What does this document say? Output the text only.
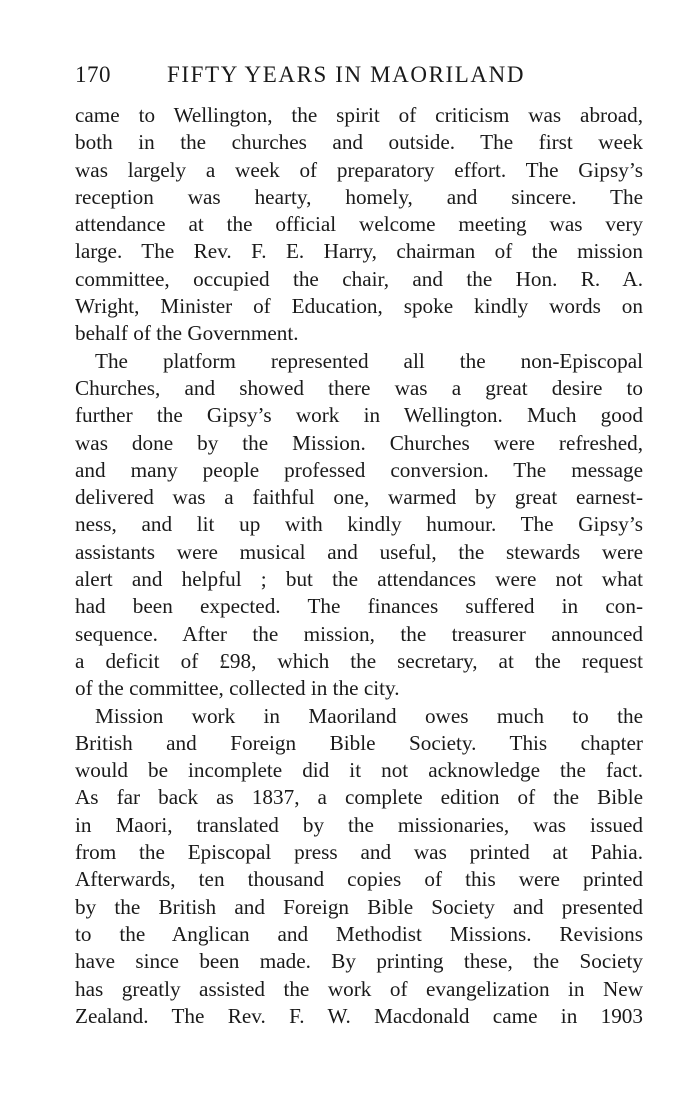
170	FIFTY YEARS IN MAORILAND

came to Wellington, the spirit of criticism was abroad,
both in the churches and outside. The first week
was largely a week of preparatory effort. The Gipsy’s
reception was hearty, homely, and sincere. The
attendance at the official welcome meeting was very
large. The Rev. F. E. Harry, chairman of the mission
committee, occupied the chair, and the Hon. R. A.
Wright, Minister of Education, spoke kindly words on
behalf of the Government.

The platform represented all the non-Episcopal
Churches, and showed there was a great desire to
further the Gipsy’s work in Wellington. Much good
was done by the Mission. Churches were refreshed,
and many people professed conversion. The message
delivered was a faithful one, warmed by great earnest-
ness, and lit up with kindly humour. The Gipsy’s
assistants were musical and useful, the stewards were
alert and helpful ; but the attendances were not what
had been expected. The finances suffered in con-
sequence. After the mission, the treasurer announced
a deficit of £98, which the secretary, at the request
of the committee, collected in the city.

Mission work in Maoriland owes much to the
British and Foreign Bible Society. This chapter
would be incomplete did it not acknowledge the fact.
As far back as 1837, a complete edition of the Bible
in Maori, translated by the missionaries, was issued
from the Episcopal press and was printed at Pahia.
Afterwards, ten thousand copies of this were printed
by the British and Foreign Bible Society and presented
to the Anglican and Methodist Missions. Revisions
have since been made. By printing these, the Society
has greatly assisted the work of evangelization in New
Zealand. The Rev. F. W. Macdonald came in 1903
